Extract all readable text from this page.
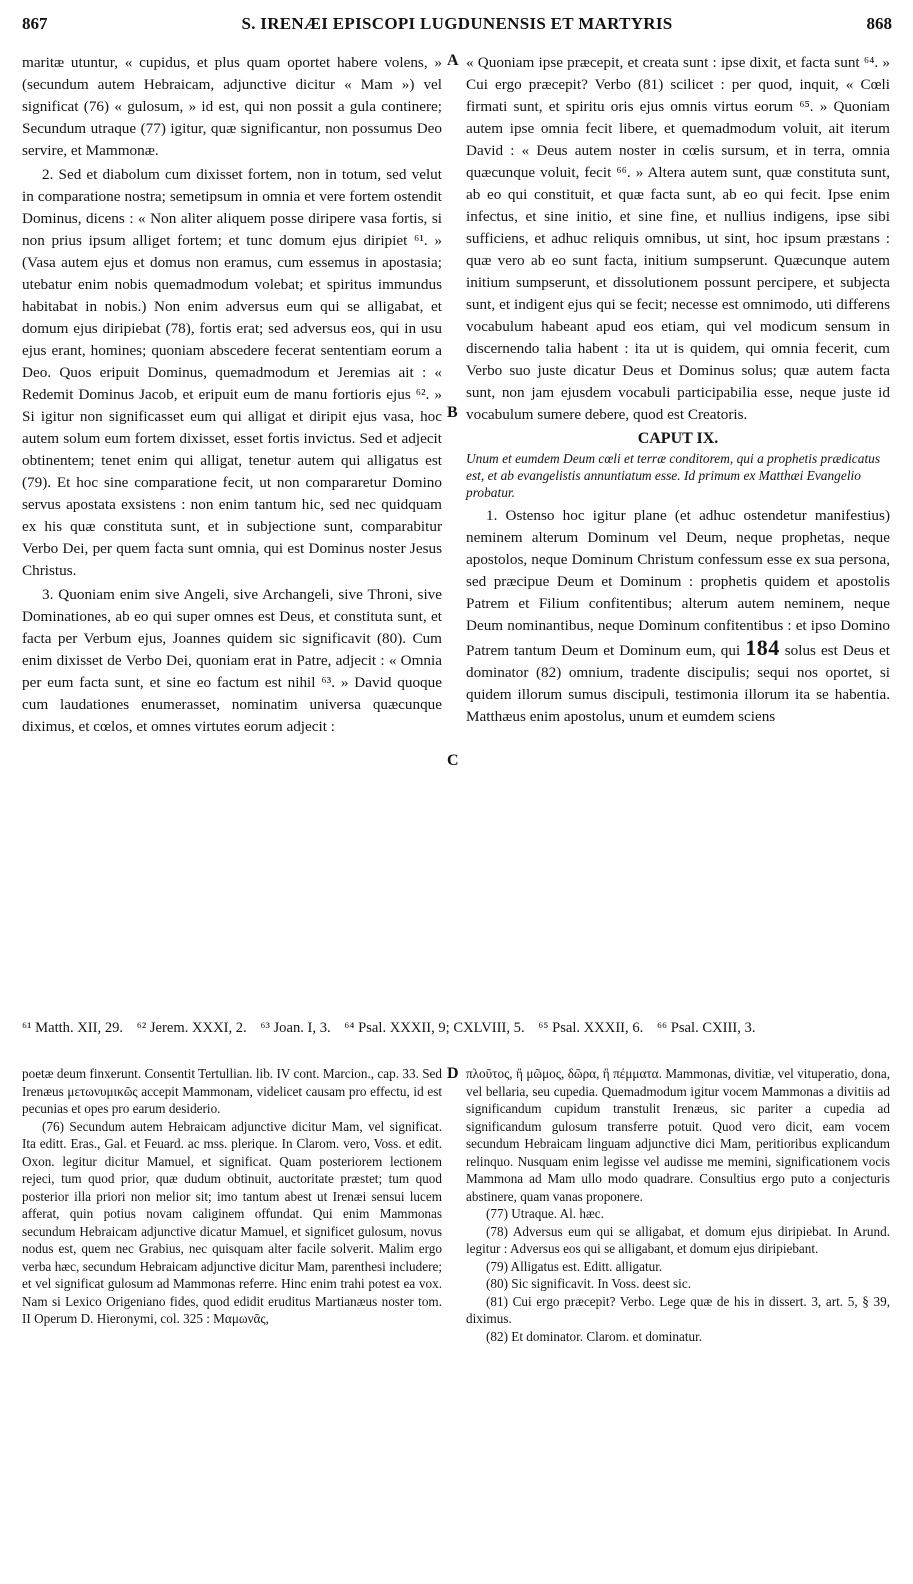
867	S. IRENÆI EPISCOPI LUGDUNENSIS ET MARTYRIS	868
A
B
C
D

maritæ utuntur, « cupidus, et plus quam oportet habere volens, » (secundum autem Hebraicam, adjunctive dicitur « Mam ») vel significat (76) « gulosum, » id est, qui non possit a gula continere; Secundum utraque (77) igitur, quæ significantur, non possumus Deo servire, et Mammonæ.

2. Sed et diabolum cum dixisset fortem, non in totum, sed velut in comparatione nostra; semetipsum in omnia et vere fortem ostendit Dominus, dicens : « Non aliter aliquem posse diripere vasa fortis, si non prius ipsum alliget fortem; et tunc domum ejus diripiet ⁶¹. » (Vasa autem ejus et domus non eramus, cum essemus in apostasia; utebatur enim nobis quemadmodum volebat; et spiritus immundus habitabat in nobis.) Non enim adversus eum qui se alligabat, et domum ejus diripiebat (78), fortis erat; sed adversus eos, qui in usu ejus erant, homines; quoniam abscedere fecerat sententiam eorum a Deo. Quos eripuit Dominus, quemadmodum et Jeremias ait : « Redemit Dominus Jacob, et eripuit eum de manu fortioris ejus ⁶². » Si igitur non significasset eum qui alligat et diripit ejus vasa, hoc autem solum eum fortem dixisset, esset fortis invictus. Sed et adjecit obtinentem; tenet enim qui alligat, tenetur autem qui alligatus est (79). Et hoc sine comparatione fecit, ut non compararetur Domino servus apostata exsistens : non enim tantum hic, sed nec quidquam ex his quæ constituta sunt, et in subjectione sunt, comparabitur Verbo Dei, per quem facta sunt omnia, qui est Dominus noster Jesus Christus.

3. Quoniam enim sive Angeli, sive Archangeli, sive Throni, sive Dominationes, ab eo qui super omnes est Deus, et constituta sunt, et facta per Verbum ejus, Joannes quidem sic significavit (80). Cum enim dixisset de Verbo Dei, quoniam erat in Patre, adjecit : « Omnia per eum facta sunt, et sine eo factum est nihil ⁶³. » David quoque cum laudationes enumerasset, nominatim universa quæcunque diximus, et cœlos, et omnes virtutes eorum adjecit :

« Quoniam ipse præcepit, et creata sunt : ipse dixit, et facta sunt ⁶⁴. » Cui ergo præcepit? Verbo (81) scilicet : per quod, inquit, « Cœli firmati sunt, et spiritu oris ejus omnis virtus eorum ⁶⁵. » Quoniam autem ipse omnia fecit libere, et quemadmodum voluit, ait iterum David : « Deus autem noster in cœlis sursum, et in terra, omnia quæcunque voluit, fecit ⁶⁶. » Altera autem sunt, quæ constituta sunt, ab eo qui constituit, et quæ facta sunt, ab eo qui fecit. Ipse enim infectus, et sine initio, et sine fine, et nullius indigens, ipse sibi sufficiens, et adhuc reliquis omnibus, ut sint, hoc ipsum præstans : quæ vero ab eo sunt facta, initium sumpserunt. Quæcunque autem initium sumpserunt, et dissolutionem possunt percipere, et subjecta sunt, et indigent ejus qui se fecit; necesse est omnimodo, uti differens vocabulum habeant apud eos etiam, qui vel modicum sensum in discernendo talia habent : ita ut is quidem, qui omnia fecerit, cum Verbo suo juste dicatur Deus et Dominus solus; quæ autem facta sunt, non jam ejusdem vocabuli participabilia esse, neque juste id vocabulum sumere debere, quod est Creatoris.

CAPUT IX.

Unum et eumdem Deum cœli et terræ conditorem, qui a prophetis prædicatus est, et ab evangelistis annuntiatum esse. Id primum ex Matthæi Evangelio probatur.

1. Ostenso hoc igitur plane (et adhuc ostendetur manifestius) neminem alterum Dominum vel Deum, neque prophetas, neque apostolos, neque Dominum Christum confessum esse ex sua persona, sed præcipue Deum et Dominum : prophetis quidem et apostolis Patrem et Filium confitentibus; alterum autem neminem, neque Deum nominantibus, neque Dominum confitentibus : et ipso Domino Patrem tantum Deum et Dominum eum, qui 184 solus est Deus et dominator (82) omnium, tradente discipulis; sequi nos oportet, si quidem illorum sumus discipuli, testimonia illorum ita se habentia. Matthæus enim apostolus, unum et eumdem sciens

⁶¹ Matth. XII, 29. ⁶² Jerem. XXXI, 2. ⁶³ Joan. I, 3. ⁶⁴ Psal. XXXII, 9; CXLVIII, 5. ⁶⁵ Psal. XXXII, 6. ⁶⁶ Psal. CXIII, 3.

poetæ deum finxerunt. Consentit Tertullian. lib. IV cont. Marcion., cap. 33. Sed Irenæus μετωνυμικῶς accepit Mammonam, videlicet causam pro effectu, id est pecunias et opes pro earum desiderio.

(76) Secundum autem Hebraicam adjunctive dicitur Mam, vel significat. Ita editt. Eras., Gal. et Feuard. ac mss. plerique. In Clarom. vero, Voss. et edit. Oxon. legitur dicitur Mamuel, et significat. Quam posteriorem lectionem rejeci, tum quod prior, quæ dudum obtinuit, auctoritate præstet; tum quod posterior illa priori non melior sit; imo tantum abest ut Irenæi sensui lucem afferat, quin potius novam caliginem offundat. Qui enim Mammonas secundum Hebraicam adjunctive dicatur Mamuel, et significet gulosum, novus nodus est, quem nec Grabius, nec quisquam alter facile solverit. Malim ergo verba hæc, secundum Hebraicam adjunctive dicitur Mam, parenthesi includere; et vel significat gulosum ad Mammonas referre. Hinc enim trahi potest ea vox. Nam si Lexico Origeniano fides, quod edidit eruditus Martianæus noster tom. II Operum D. Hieronymi, col. 325 : Μαμωνᾶς,

πλοῦτος, ἢ μῶμος, δῶρα, ἢ πέμματα. Mammonas, divitiæ, vel vituperatio, dona, vel bellaria, seu cupedia. Quemadmodum igitur vocem Mammonas a divitiis ad significandum cupidum transtulit Irenæus, sic pariter a cupedia ad significandum gulosum transferre potuit. Quod vero dicit, eam vocem secundum Hebraicam linguam adjunctive dici Mam, peritioribus explicandum relinquo. Nusquam enim legisse vel audisse me memini, significationem vocis Mammona ad Mam ullo modo quadrare. Consultius ergo puto a conjecturis abstinere, quam vanas proponere.

(77) Utraque. Al. hæc.

(78) Adversus eum qui se alligabat, et domum ejus diripiebat. In Arund. legitur : Adversus eos qui se alligabant, et domum ejus diripiebant.

(79) Alligatus est. Editt. alligatur.

(80) Sic significavit. In Voss. deest sic.

(81) Cui ergo præcepit? Verbo. Lege quæ de his in dissert. 3, art. 5, § 39, diximus.

(82) Et dominator. Clarom. et dominatur.
